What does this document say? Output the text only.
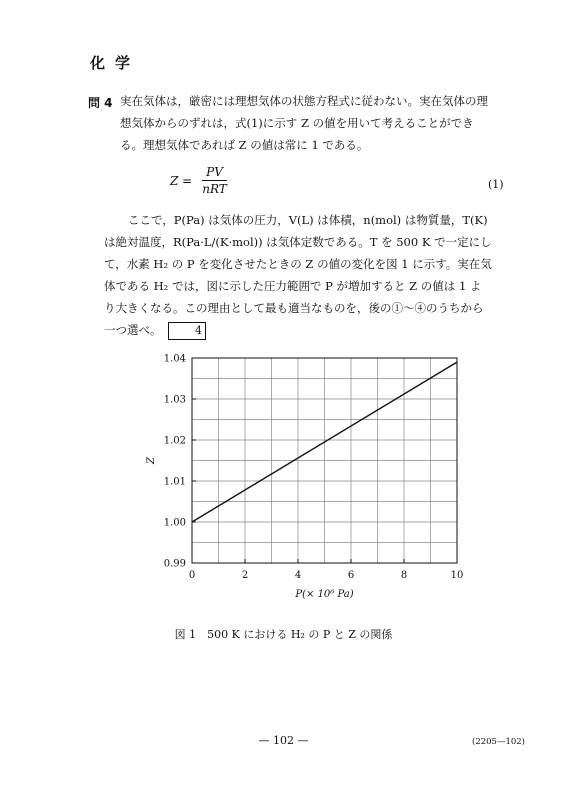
化学
問 4 実在気体は，厳密には理想気体の状態方程式に従わない。実在気体の理想気体からのずれは，式(1)に示す Z の値を用いて考えることができる。理想気体であれば Z の値は常に 1 である。
$Z = \frac{PV}{\text{nRT}}$	(1)
ここで，P(Pa) は気体の圧力，V(L) は体積，n(mol) は物質量，T(K) は絶対温度，R(Pa·L/(K·mol)) は気体定数である。T を 500 K で一定にして，水素 H₂ の P を変化させたときの Z の値の変化を図 1 に示す。実在気体である H₂ では，図に示した圧力範囲で P が増加すると Z の値は 1 より大きくなる。この理由として最も適当なものを，後の①～④のうちから一つ選べ。	4
0	2	4	6	8	10
0.99
1.00
1.01
1.02
1.03
1.04
P(× 10⁶ Pa)
Z
図 1　500 K における H₂ の P と Z の関係
— 102 —	(2205—102)
